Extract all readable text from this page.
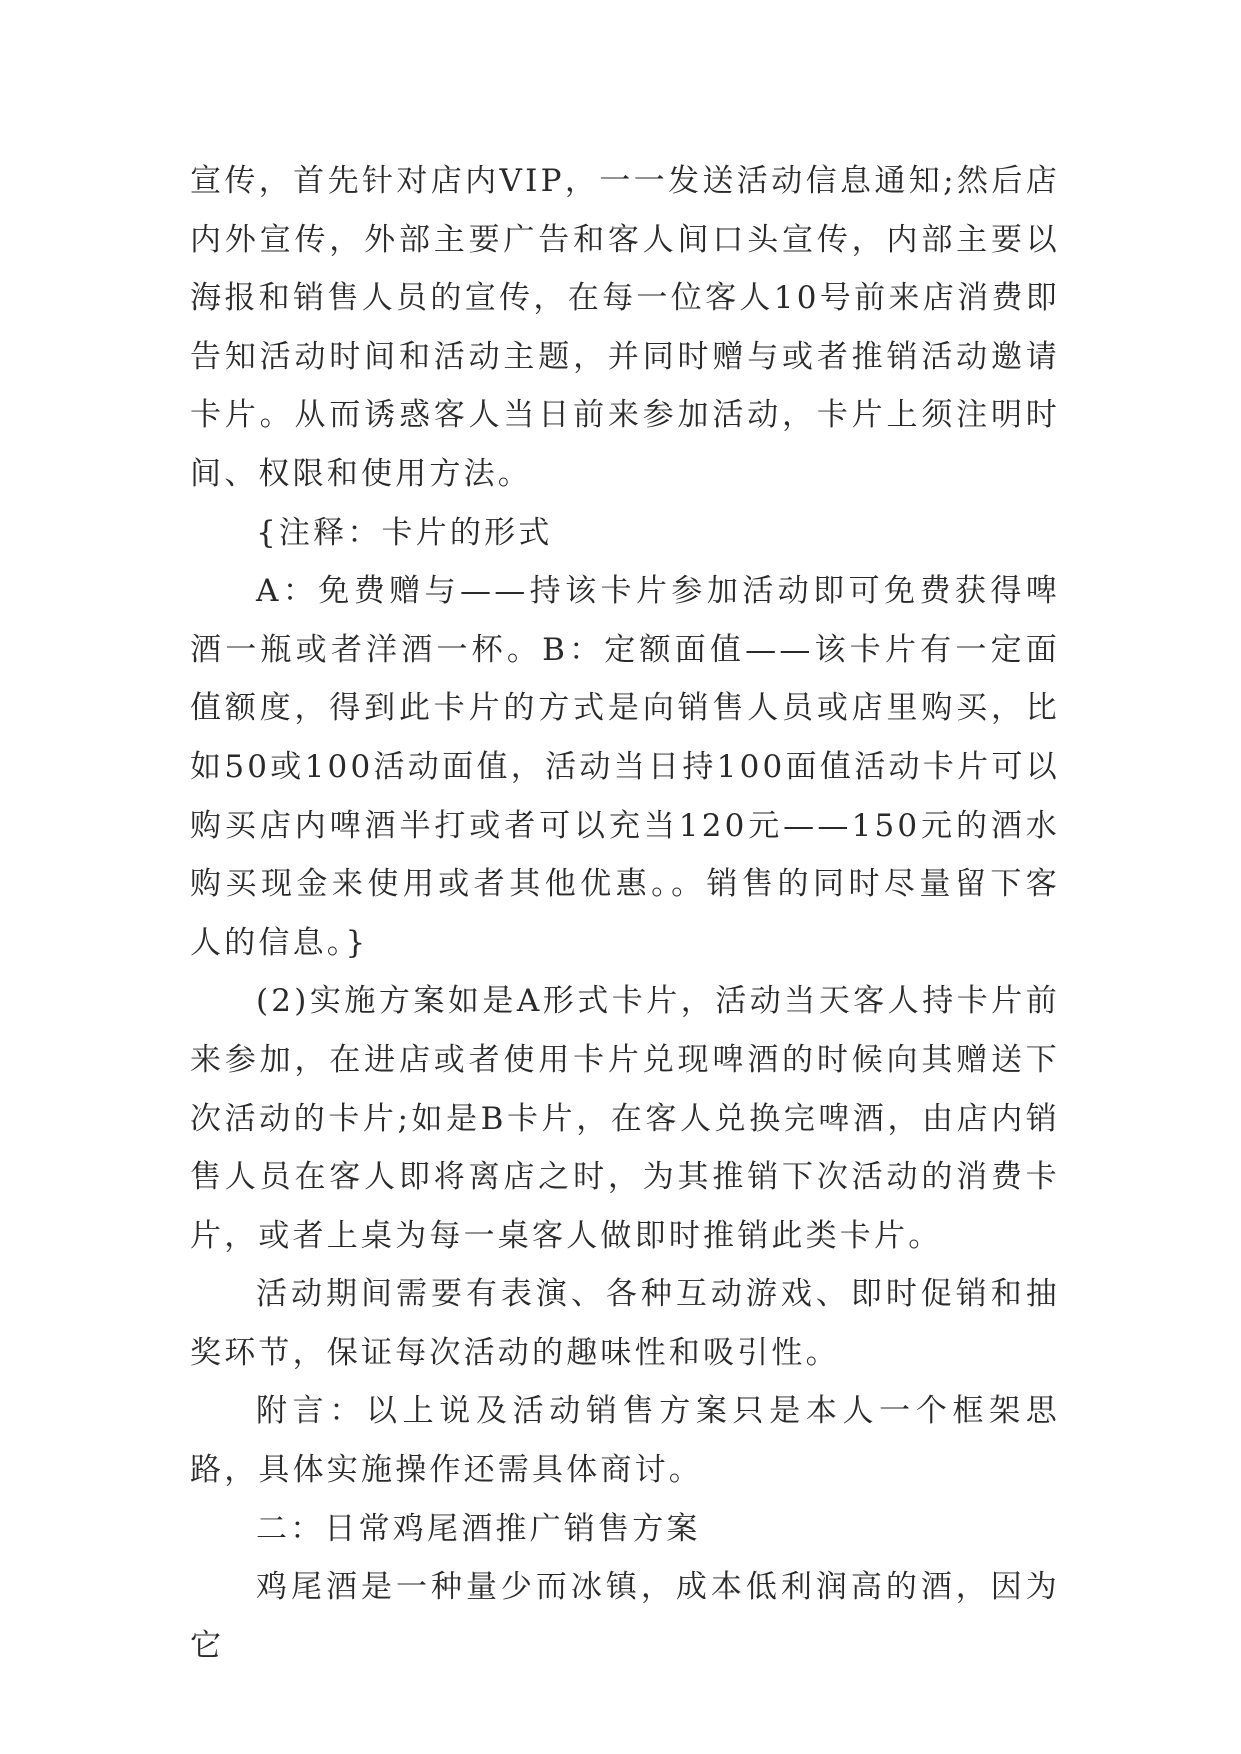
宣传，首先针对店内VIP，一一发送活动信息通知;然后店内外宣传，外部主要广告和客人间口头宣传，内部主要以海报和销售人员的宣传，在每一位客人10号前来店消费即告知活动时间和活动主题，并同时赠与或者推销活动邀请卡片。从而诱惑客人当日前来参加活动，卡片上须注明时间、权限和使用方法。

{注释：卡片的形式

A：免费赠与——持该卡片参加活动即可免费获得啤酒一瓶或者洋酒一杯。B：定额面值——该卡片有一定面值额度，得到此卡片的方式是向销售人员或店里购买，比如50或100活动面值，活动当日持100面值活动卡片可以购买店内啤酒半打或者可以充当120元——150元的酒水购买现金来使用或者其他优惠。。销售的同时尽量留下客人的信息。}

(2)实施方案如是A形式卡片，活动当天客人持卡片前来参加，在进店或者使用卡片兑现啤酒的时候向其赠送下次活动的卡片;如是B卡片，在客人兑换完啤酒，由店内销售人员在客人即将离店之时，为其推销下次活动的消费卡片，或者上桌为每一桌客人做即时推销此类卡片。

活动期间需要有表演、各种互动游戏、即时促销和抽奖环节，保证每次活动的趣味性和吸引性。

附言：以上说及活动销售方案只是本人一个框架思路，具体实施操作还需具体商讨。

二：日常鸡尾酒推广销售方案

鸡尾酒是一种量少而冰镇，成本低利润高的酒，因为它
